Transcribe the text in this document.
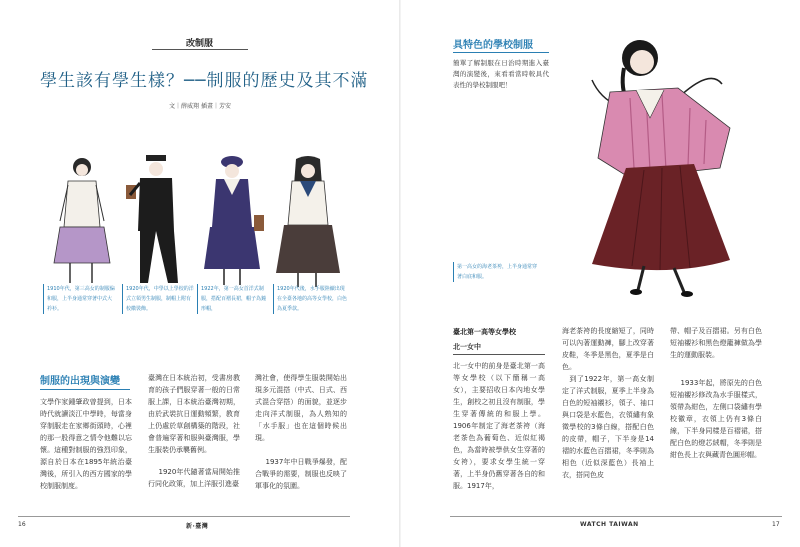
改制服
學生該有學生樣？──制服的歷史及其不滿
文｜薛威翔 插畫｜芳安
1910年代，第三高女的制服偏和服，上半身通常穿著中式大衿衫。
1920年代，中學以上學校的洋式立領男生制服，制帽上附有校徽裝飾。
1922年，第一高女首洋式制服，搭配百褶長裙，帽子為鐘形帽，
1920年代後，水手服陸續出現在全臺各地的高等女學校，白色為夏季款。
制服的出現與演變
文學作家鍾肇政曾提到，日本時代就讀淡江中學時，每當身穿制服走在家鄉街頭時，心裡的那一股得意之情令他難以忘懷。這種對制服的強烈印象，源自於日本在1895年統治臺灣後，所引入的西方國家的學校制服制度。
臺灣在日本統治初，受書房教育的孩子們服穿著一般的日常服上課，日本統治臺灣初期，由於武裝抗日運動頻繁，教育上仍處於草創構築的階段，社會普遍穿著和服與臺灣服，學生服裝仍承襲舊例。
1920年代隨著當局開始推行同化政策，加上洋服引進臺
灣社會，使得學生服裝開始出現多元混搭（中式、日式、西式混合穿搭）的面貌，並逐步走向洋式制服，為人熟知的「水手服」也在這個時候出現。
1937年中日戰爭爆發，配合戰爭的需要，制服也反映了軍事化的氛圍。
16	新·臺灣
具特色的學校制服
簡單了解制服在日治時期進入臺灣的演變後，來看看當時較具代表性的學校制服吧！
第一高女的海老茶袴，上半身通常穿著白底和服。
臺北第一高等女學校
北一女中
北一女中的前身是臺北第一高等女學校（以下簡稱一高女），主要招收日本內地女學生，創校之初且沒有制服，學生穿著傳統的和服上學。1906年制定了海老茶袴（海老茶色為葡萄色、近似紅褐色，為當時被學供女生穿著的女袴），要求女學生統一穿著，上半身仍舊穿著各自的和服。1917年，
海老茶袴的長度縮短了，同時可以內著運動褲，腳上改穿著皮鞋，冬季是黑色，夏季是白色。
　到了1922年，第一高女制定了洋式制服，夏季上半身為白色的短袖襯衫，領子、袖口與口袋是水藍色，衣領繡有象徵學校的3條白線，搭配白色的皮帶，帽子，下半身是14褶的水藍色百摺裙，冬季則為相色（近似深藍色）長袖上衣，搭同色皮
帶、帽子及百摺裙。另有白色短袖襯衫和黑色燈籠褲做為學生的運動服裝。
1933年起，將原先的白色短袖襯衫修改為水手服樣式，領帶為紺色，左側口袋繡有學校徽章，衣領上仍有3條白線，下半身同樣是百褶裙，搭配白色的燈芯絨帽，冬季則是紺色長上衣與藏青色圓形帽。
WATCH TAIWAN	17
